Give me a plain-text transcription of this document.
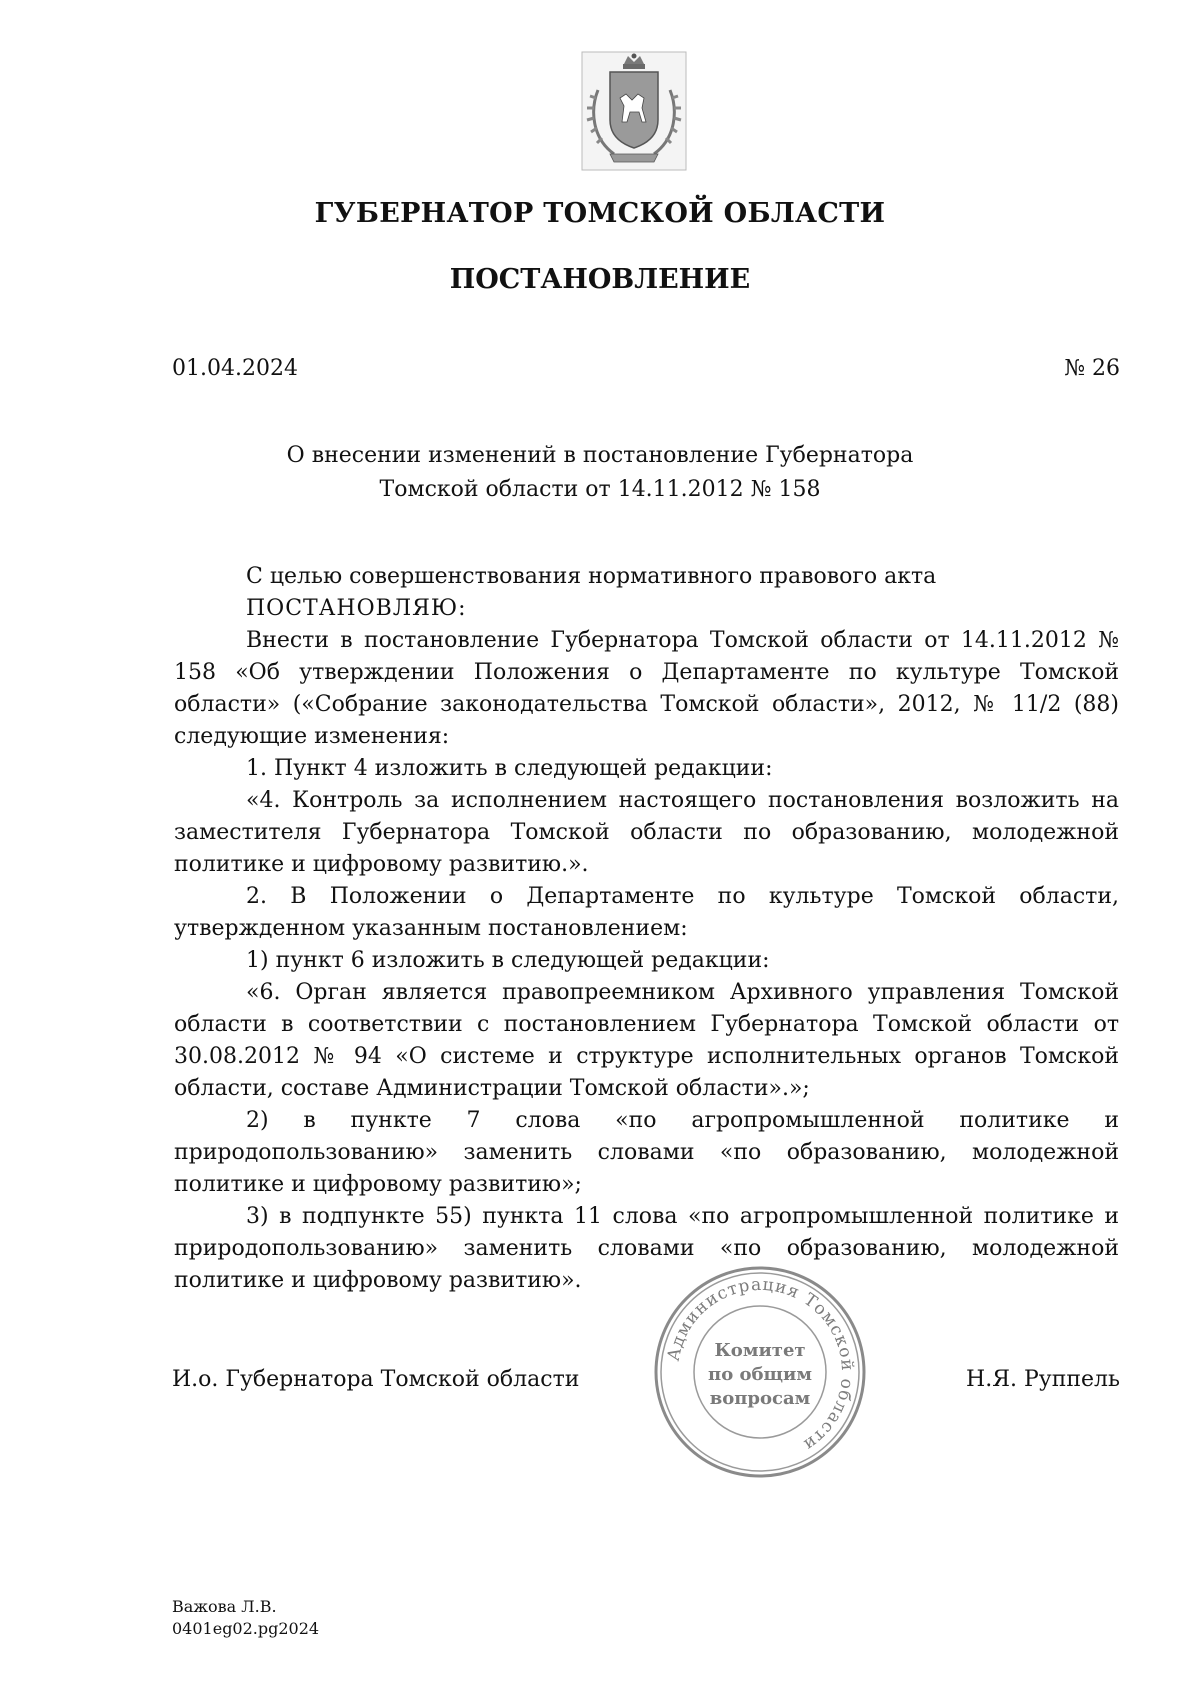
ГУБЕРНАТОР ТОМСКОЙ ОБЛАСТИ
ПОСТАНОВЛЕНИЕ
01.04.2024	№ 26
О внесении изменений в постановление Губернатора
Томской области от 14.11.2012 № 158

С целью совершенствования нормативного правового акта

ПОСТАНОВЛЯЮ:

Внести в постановление Губернатора Томской области от 14.11.2012 № 158 «Об утверждении Положения о Департаменте по культуре Томской области» («Собрание законодательства Томской области», 2012, № 11/2 (88) следующие изменения:

1. Пункт 4 изложить в следующей редакции:

«4. Контроль за исполнением настоящего постановления возложить на заместителя Губернатора Томской области по образованию, молодежной политике и цифровому развитию.».

2. В Положении о Департаменте по культуре Томской области, утвержденном указанным постановлением:

1) пункт 6 изложить в следующей редакции:

«6. Орган является правопреемником Архивного управления Томской области в соответствии с постановлением Губернатора Томской области от 30.08.2012 № 94 «О системе и структуре исполнительных органов Томской области, составе Администрации Томской области».»;

2) в пункте 7 слова «по агропромышленной политике и природопользованию» заменить словами «по образованию, молодежной политике и цифровому развитию»;

3) в подпункте 55) пункта 11 слова «по агропромышленной политике и природопользованию» заменить словами «по образованию, молодежной политике и цифровому развитию».

И.о. Губернатора Томской области
Администрация Томской области
Комитет
по общим
вопросам
Н.Я. Руппель
Важова Л.В.
0401eg02.pg2024
